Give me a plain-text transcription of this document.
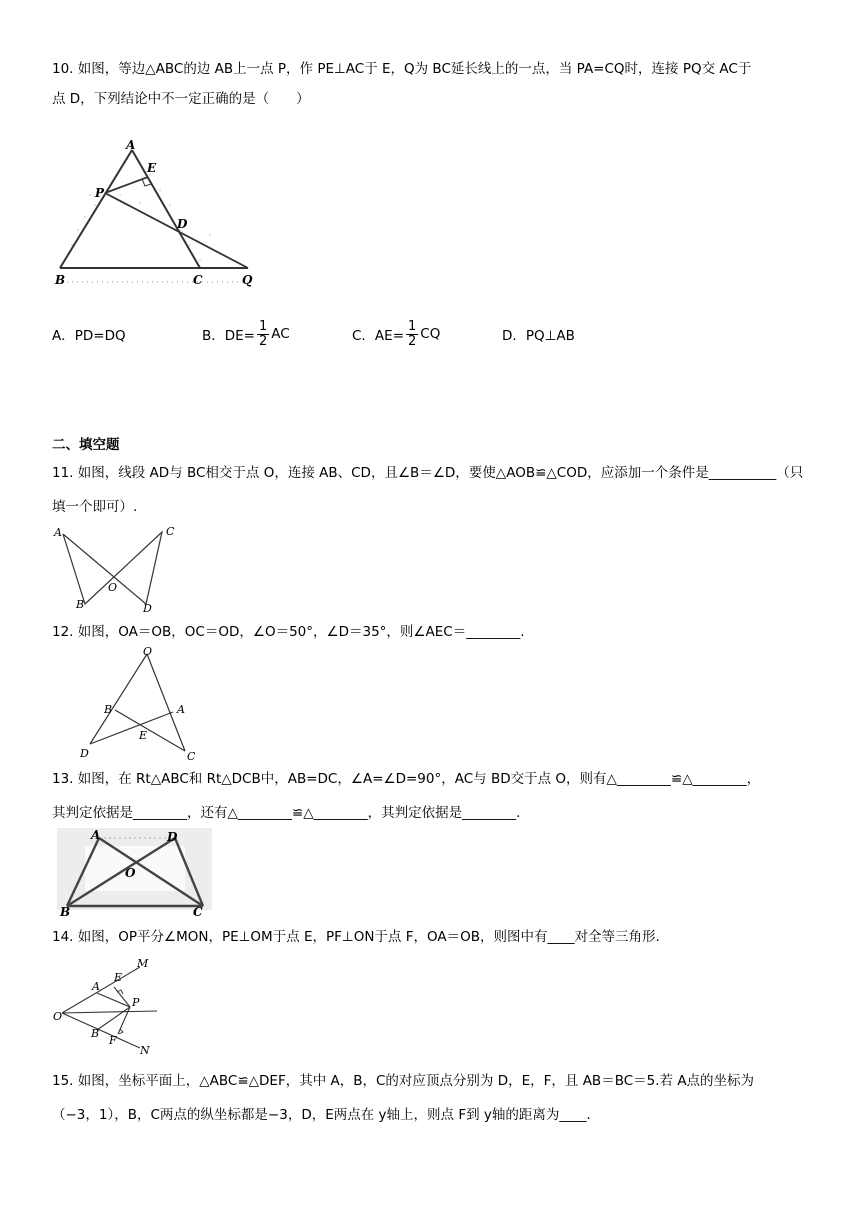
10. 如图，等边△ABC的边 AB上一点 P，作 PE⊥AC于 E，Q为 BC延长线上的一点，当 PA=CQ时，连接 PQ交 AC于
点 D，下列结论中不一定正确的是（　　）
A
E
P
D
B	C	Q
A．PD=DQ	B．$DE= \frac{1}{2}$ AC	C．$AE= \frac{1}{2}$ CQ	D．PQ⊥AB
二、填空题
11. 如图，线段 AD与 BC相交于点 O，连接 AB、CD，且∠B＝∠D，要使△AOB≌△COD，应添加一个条件是__________（只
填一个即可）.
A	C
O
B	D
12. 如图，OA＝OB，OC＝OD，∠O＝50°，∠D＝35°，则∠AEC＝________.
O
B	A
E
D	C
13. 如图，在 Rt△ABC和 Rt△DCB中，AB=DC，∠A=∠D=90°，AC与 BD交于点 O，则有△________≌△________，
其判定依据是________，还有△________≌△________，其判定依据是________.
A	D
O
B	C
14. 如图，OP平分∠MON，PE⊥OM于点 E，PF⊥ON于点 F，OA＝OB，则图中有____对全等三角形.
E
M
A
P
O
B
F
N
15. 如图，坐标平面上，△ABC≌△DEF，其中 A，B，C的对应顶点分别为 D，E，F，且 AB＝BC＝5.若 A点的坐标为
（−3，1），B，C两点的纵坐标都是−3，D，E两点在 y轴上，则点 F到 y轴的距离为____.
